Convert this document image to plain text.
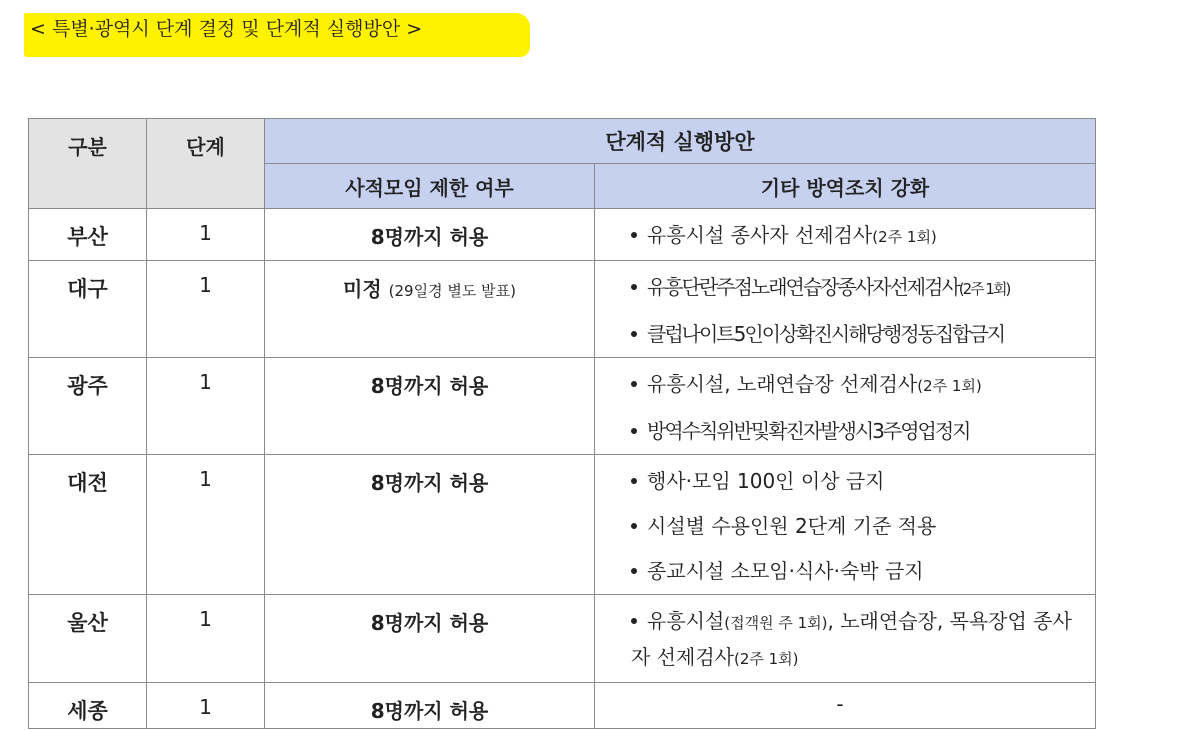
< 특별·광역시 단계 결정 및 단계적 실행방안 >
구분	단계	단계적 실행방안	
		사적모임 제한 여부	기타 방역조치 강화
부산	1	8명까지 허용	유흥시설 종사자 선제검사(2주 1회)

대구	1	미정 (29일경 별도 발표)	유흥단란주점노래연습장종사자선제검사(2주 1회)
클럽나이트5인이상확진시해당행정동집합금지

광주	1	8명까지 허용	유흥시설, 노래연습장 선제검사(2주 1회)
방역수칙위반및확진자발생시3주영업정지

대전	1	8명까지 허용	행사·모임 100인 이상 금지
시설별 수용인원 2단계 기준 적용
종교시설 소모임·식사·숙박 금지

울산	1	8명까지 허용	유흥시설(접객원 주 1회), 노래연습장, 목욕장업 종사자 선제검사(2주 1회)

세종	1	8명까지 허용	-
